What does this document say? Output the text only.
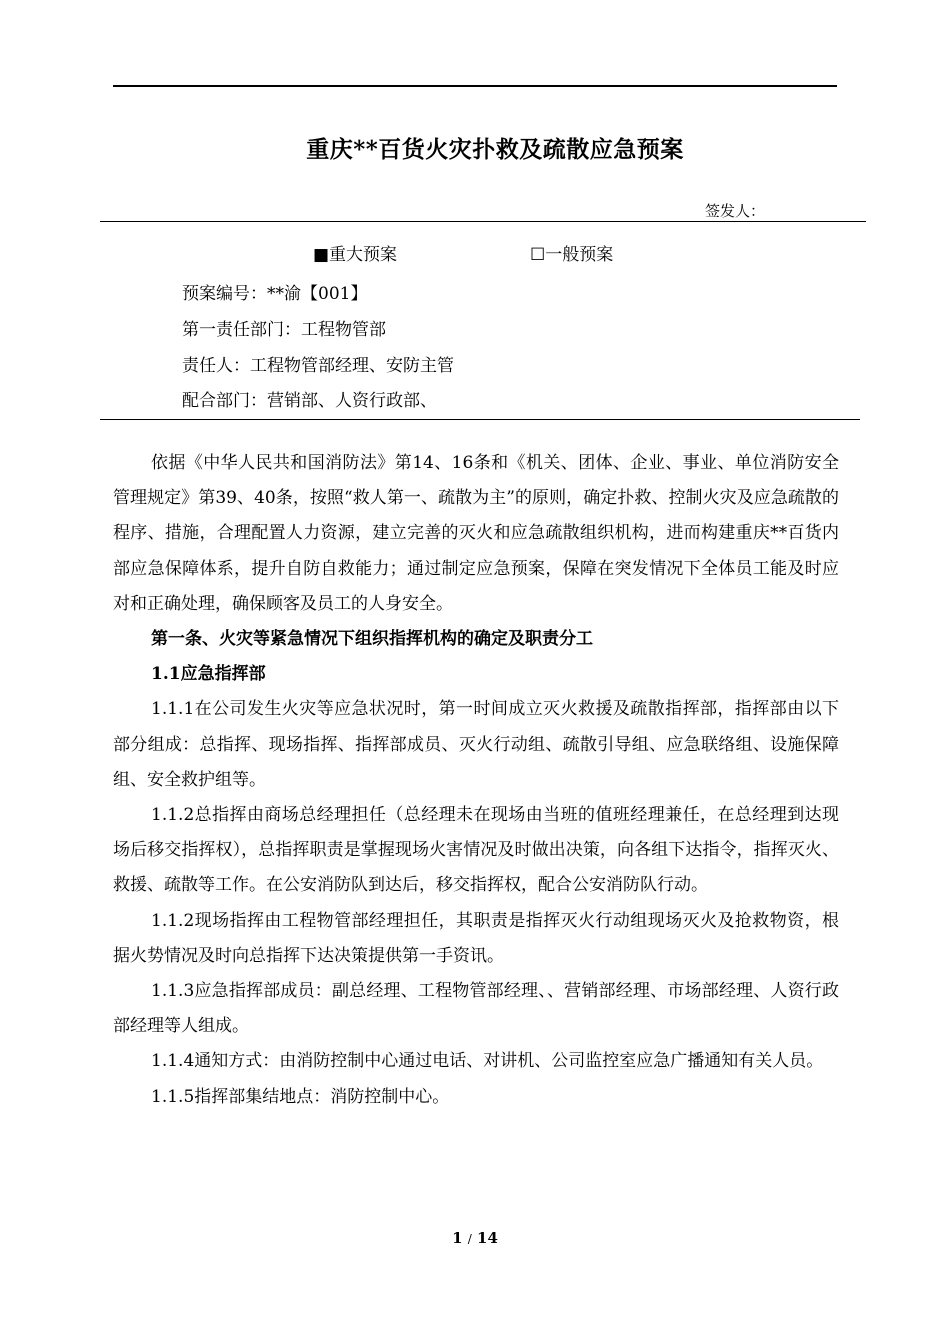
重庆**百货火灾扑救及疏散应急预案
签发人：
■重大预案	☐一般预案
预案编号：**渝【001】
第一责任部门：工程物管部
责任人：工程物管部经理、安防主管
配合部门：营销部、人资行政部、

依据《中华人民共和国消防法》第14、16条和《机关、团体、企业、事业、单位消防安全管理规定》第39、40条，按照“救人第一、疏散为主”的原则，确定扑救、控制火灾及应急疏散的程序、措施，合理配置人力资源，建立完善的灭火和应急疏散组织机构，进而构建重庆**百货内部应急保障体系，提升自防自救能力；通过制定应急预案，保障在突发情况下全体员工能及时应对和正确处理，确保顾客及员工的人身安全。

第一条、火灾等紧急情况下组织指挥机构的确定及职责分工

1.1应急指挥部

1.1.1在公司发生火灾等应急状况时，第一时间成立灭火救援及疏散指挥部，指挥部由以下部分组成：总指挥、现场指挥、指挥部成员、灭火行动组、疏散引导组、应急联络组、设施保障组、安全救护组等。

1.1.2总指挥由商场总经理担任（总经理未在现场由当班的值班经理兼任，在总经理到达现场后移交指挥权），总指挥职责是掌握现场火害情况及时做出决策，向各组下达指令，指挥灭火、救援、疏散等工作。在公安消防队到达后，移交指挥权，配合公安消防队行动。

1.1.2现场指挥由工程物管部经理担任，其职责是指挥灭火行动组现场灭火及抢救物资，根据火势情况及时向总指挥下达决策提供第一手资讯。

1.1.3应急指挥部成员：副总经理、工程物管部经理、、营销部经理、市场部经理、人资行政部经理等人组成。

1.1.4通知方式：由消防控制中心通过电话、对讲机、公司监控室应急广播通知有关人员。

1.1.5指挥部集结地点：消防控制中心。

1 / 14
